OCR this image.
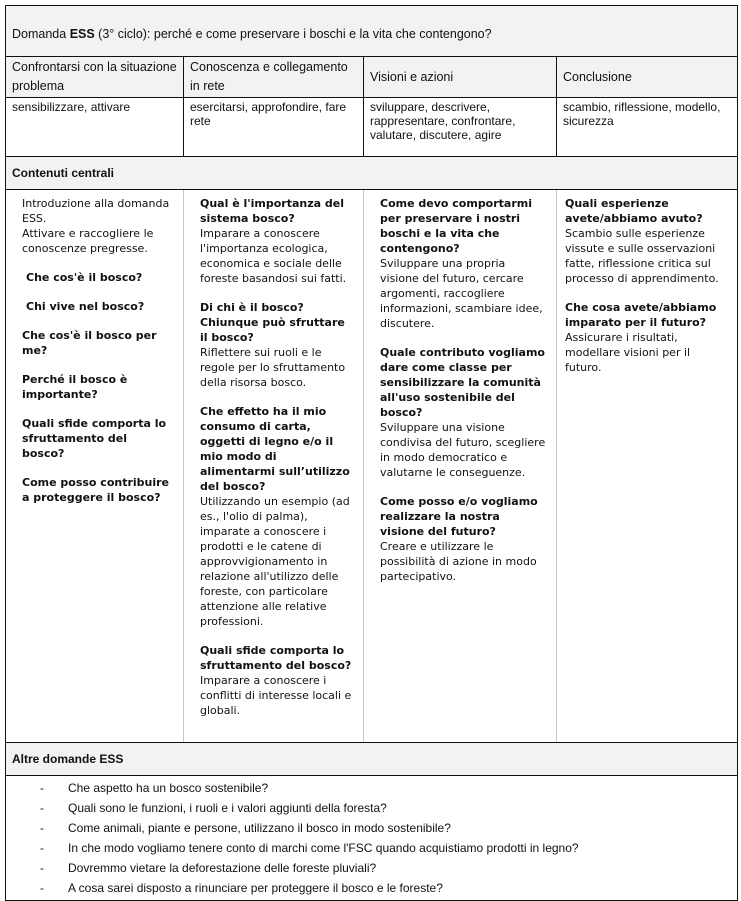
Domanda ESS (3° ciclo): perché e come preservare i boschi e la vita che contengono?			
Confrontarsi con la situazione problema	Conoscenza e collegamento in rete	Visioni e azioni	Conclusione
sensibilizzare, attivare	esercitarsi, approfondire, fare rete	sviluppare, descrivere, rappresentare, confrontare, valutare, discutere, agire	scambio, riflessione, modello, sicurezza
Contenuti centrali			

Introduzione alla domanda ESS.
Attivare e raccogliere le conoscenze pregresse.
Che cos'è il bosco?
Chi vive nel bosco?
Che cos'è il bosco per me?
Perché il bosco è importante?
Quali sfide comporta lo sfruttamento del bosco?
Come posso contribuire a proteggere il bosco?

Qual è l'importanza del sistema bosco?
Imparare a conoscere l'importanza ecologica, economica e sociale delle foreste basandosi sui fatti.
Di chi è il bosco? Chiunque può sfruttare il bosco?
Riflettere sui ruoli e le regole per lo sfruttamento della risorsa bosco.
Che effetto ha il mio consumo di carta, oggetti di legno e/o il mio modo di alimentarmi sull’utilizzo del bosco?
Utilizzando un esempio (ad es., l'olio di palma), imparate a conoscere i prodotti e le catene di approvvigionamento in relazione all'utilizzo delle foreste, con particolare attenzione alle relative professioni.
Quali sfide comporta lo sfruttamento del bosco?
Imparare a conoscere i conflitti di interesse locali e globali.

Come devo comportarmi per preservare i nostri boschi e la vita che contengono?
Sviluppare una propria visione del futuro, cercare argomenti, raccogliere informazioni, scambiare idee, discutere.
Quale contributo vogliamo dare come classe per sensibilizzare la comunità all'uso sostenibile del bosco?
Sviluppare una visione condivisa del futuro, scegliere in modo democratico e valutarne le conseguenze.
Come posso e/o vogliamo realizzare la nostra visione del futuro?
Creare e utilizzare le possibilità di azione in modo partecipativo.

Quali esperienze avete/abbiamo avuto?
Scambio sulle esperienze vissute e sulle osservazioni fatte, riflessione critica sul processo di apprendimento.
Che cosa avete/abbiamo imparato per il futuro?
Assicurare i risultati, modellare visioni per il futuro.

Altre domande ESS			

-	Che aspetto ha un bosco sostenibile?
-	Quali sono le funzioni, i ruoli e i valori aggiunti della foresta?
-	Come animali, piante e persone, utilizzano il bosco in modo sostenibile?
-	In che modo vogliamo tenere conto di marchi come l'FSC quando acquistiamo prodotti in legno?
-	Dovremmo vietare la deforestazione delle foreste pluviali?
-	A cosa sarei disposto a rinunciare per proteggere il bosco e le foreste?
